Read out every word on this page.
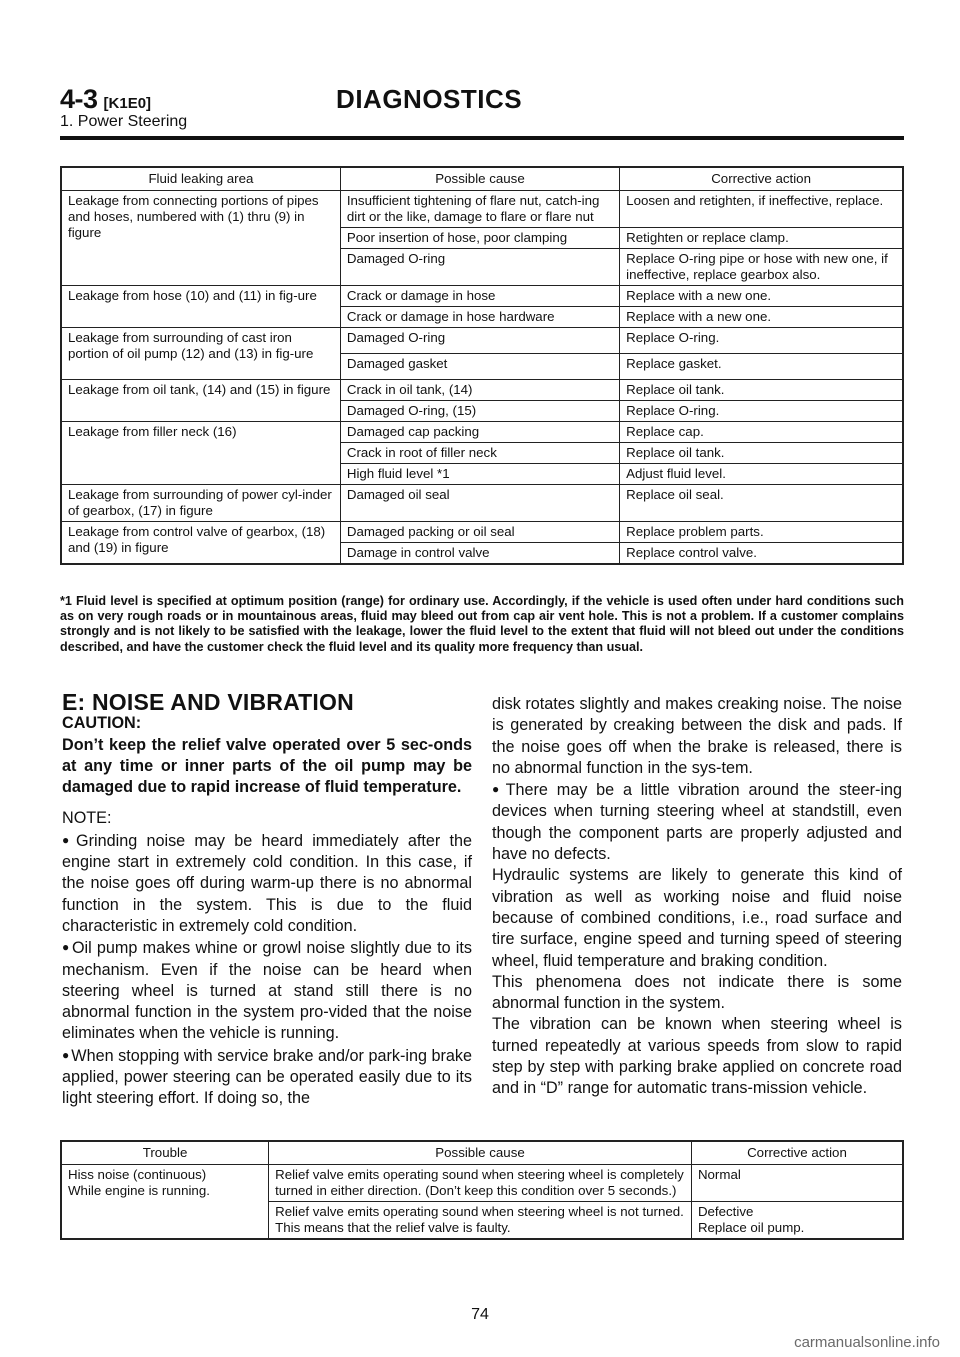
4-3 [K1E0]	DIAGNOSTICS
1. Power Steering
Fluid leaking area	Possible cause	Corrective action
Leakage from connecting portions of pipes and hoses, numbered with (1) thru (9) in figure	Insufficient tightening of flare nut, catch-ing dirt or the like, damage to flare or flare nut	Loosen and retighten, if ineffective, replace.
	Poor insertion of hose, poor clamping	Retighten or replace clamp.
	Damaged O-ring	Replace O-ring pipe or hose with new one, if ineffective, replace gearbox also.
Leakage from hose (10) and (11) in fig-ure	Crack or damage in hose	Replace with a new one.
	Crack or damage in hose hardware	Replace with a new one.
Leakage from surrounding of cast iron portion of oil pump (12) and (13) in fig-ure	Damaged O-ring	Replace O-ring.
	Damaged gasket	Replace gasket.
Leakage from oil tank, (14) and (15) in figure	Crack in oil tank, (14)	Replace oil tank.
	Damaged O-ring, (15)	Replace O-ring.
Leakage from filler neck (16)	Damaged cap packing	Replace cap.
	Crack in root of filler neck	Replace oil tank.
	High fluid level *1	Adjust fluid level.
Leakage from surrounding of power cyl-inder of gearbox, (17) in figure	Damaged oil seal	Replace oil seal.
Leakage from control valve of gearbox, (18) and (19) in figure	Damaged packing or oil seal	Replace problem parts.
	Damage in control valve	Replace control valve.
*1 Fluid level is specified at optimum position (range) for ordinary use. Accordingly, if the vehicle is used often under hard conditions such as on very rough roads or in mountainous areas, fluid may bleed out from cap air vent hole. This is not a problem. If a customer complains strongly and is not likely to be satisfied with the leakage, lower the fluid level to the extent that fluid will not bleed out under the conditions described, and have the customer check the fluid level and its quality more frequency than usual.

E: NOISE AND VIBRATION

CAUTION:

Don’t keep the relief valve operated over 5 sec-onds at any time or inner parts of the oil pump may be damaged due to rapid increase of fluid temperature.

NOTE:

● Grinding noise may be heard immediately after the engine start in extremely cold condition. In this case, if the noise goes off during warm-up there is no abnormal function in the system. This is due to the fluid characteristic in extremely cold condition.

● Oil pump makes whine or growl noise slightly due to its mechanism. Even if the noise can be heard when steering wheel is turned at stand still there is no abnormal function in the system pro-vided that the noise eliminates when the vehicle is running.

● When stopping with service brake and/or park-ing brake applied, power steering can be operated easily due to its light steering effort. If doing so, the

disk rotates slightly and makes creaking noise. The noise is generated by creaking between the disk and pads. If the noise goes off when the brake is released, there is no abnormal function in the sys-tem.

● There may be a little vibration around the steer-ing devices when turning steering wheel at standstill, even though the component parts are properly adjusted and have no defects.

Hydraulic systems are likely to generate this kind of vibration as well as working noise and fluid noise because of combined conditions, i.e., road surface and tire surface, engine speed and turning speed of steering wheel, fluid temperature and braking condition.

This phenomena does not indicate there is some abnormal function in the system.

The vibration can be known when steering wheel is turned repeatedly at various speeds from slow to rapid step by step with parking brake applied on concrete road and in “D” range for automatic trans-mission vehicle.

Trouble	Possible cause	Corrective action

Hiss noise (continuous)
While engine is running.	Relief valve emits operating sound when steering wheel is completely turned in either direction. (Don’t keep this condition over 5 seconds.)	Normal

	Relief valve emits operating sound when steering wheel is not turned. This means that the relief valve is faulty.	Defective
Replace oil pump.
74
carmanualsonline.info
